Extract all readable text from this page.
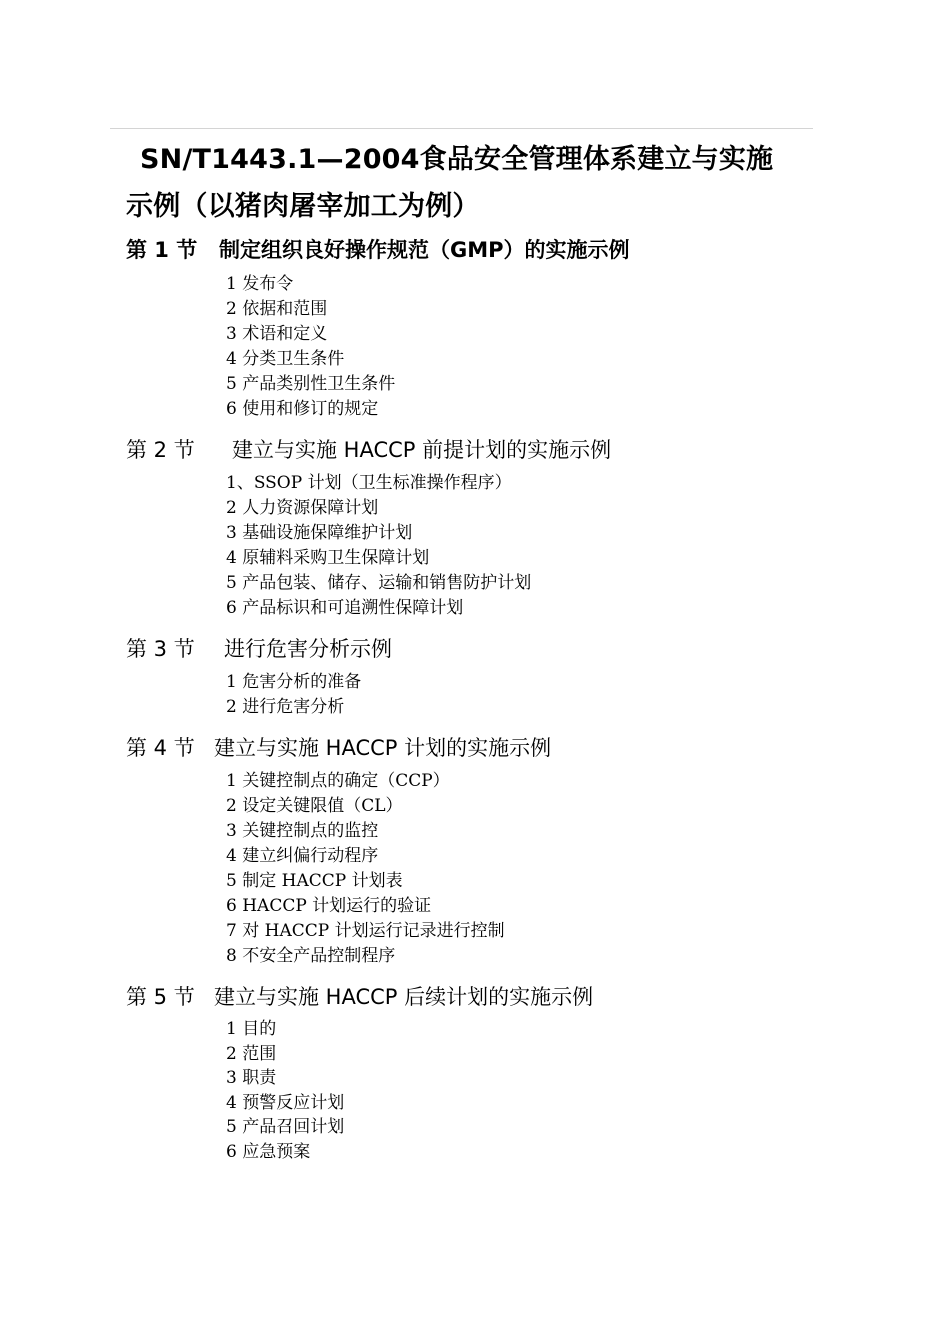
SN/T1443.1—2004食品安全管理体系建立与实施
示例（以猪肉屠宰加工为例）
第 1 节 制定组织良好操作规范（GMP）的实施示例
1 发布令
2 依据和范围
3 术语和定义
4 分类卫生条件
5 产品类别性卫生条件
6 使用和修订的规定
第 2 节 建立与实施 HACCP 前提计划的实施示例
1、SSOP 计划（卫生标准操作程序）
2 人力资源保障计划
3 基础设施保障维护计划
4 原辅料采购卫生保障计划
5 产品包装、储存、运输和销售防护计划
6 产品标识和可追溯性保障计划
第 3 节 进行危害分析示例
1 危害分析的准备
2 进行危害分析
第 4 节 建立与实施 HACCP 计划的实施示例
1 关键控制点的确定（CCP）
2 设定关键限值（CL）
3 关键控制点的监控
4 建立纠偏行动程序
5 制定 HACCP 计划表
6 HACCP 计划运行的验证
7 对 HACCP 计划运行记录进行控制
8 不安全产品控制程序
第 5 节 建立与实施 HACCP 后续计划的实施示例
1 目的
2 范围
3 职责
4 预警反应计划
5 产品召回计划
6 应急预案
